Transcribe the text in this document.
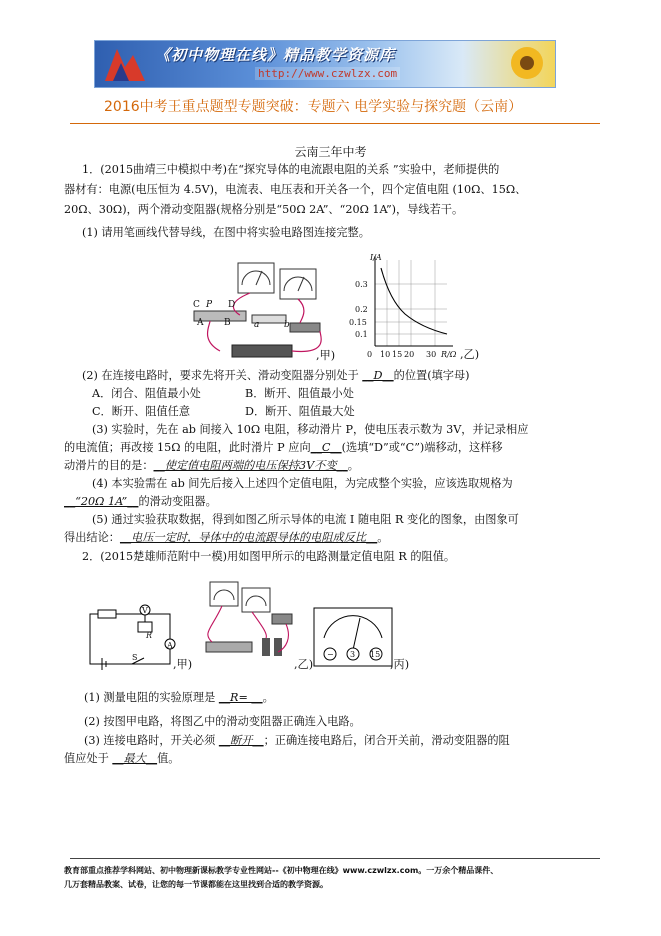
《初中物理在线》精品教学资源库
http://www.czwlzx.com
2016中考王重点题型专题突破：专题六 电学实验与探究题（云南）
云南三年中考
1．(2015曲靖三中模拟中考)在“探究导体的电流跟电阻的关系 ”实验中，老师提供的
器材有：电源(电压恒为 4.5V)，电流表、电压表和开关各一个，四个定值电阻 (10Ω、15Ω、
20Ω、30Ω)，两个滑动变阻器(规格分别是“50Ω 2A”、“20Ω 1A”)，导线若干。
(1) 请用笔画线代替导线，在图中将实验电路图连接完整。
C P D
A B	a	b
,甲)
I/A
0.3
0.2
0.15
0.1
0 10 15 20 30 R/Ω ,乙)
(2) 在连接电路时，要求先将开关、滑动变阻器分别处于 __D__的位置(填字母)
A．闭合、阻值最小处	B．断开、阻值最小处
C．断开、阻值任意	D．断开、阻值最大处
(3) 实验时，先在 ab 间接入 10Ω 电阻，移动滑片 P，使电压表示数为 3V，并记录相应
的电流值；再改接 15Ω 的电阻，此时滑片 P 应向__C__(选填“D”或“C”)端移动，这样移
动滑片的目的是：__使定值电阻两端的电压保持3V不变__。
(4) 本实验需在 ab 间先后接入上述四个定值电阻，为完成整个实验，应该选取规格为
__“20Ω 1A”__的滑动变阻器。
(5) 通过实验获取数据，得到如图乙所示导体的电流 I 随电阻 R 变化的图象，由图象可
得出结论：__电压一定时，导体中的电流跟导体的电阻成反比__。
2．(2015楚雄师范附中一模)用如图甲所示的电路测量定值电阻 R 的阻值。
V
R
A
S
,甲)	,乙)
− 3 15
,丙)
(1) 测量电阻的实验原理是 __R= __。
(2) 按图甲电路，将图乙中的滑动变阻器正确连入电路。
(3) 连接电路时，开关必须 __断开__；正确连接电路后，闭合开关前，滑动变阻器的阻
值应处于 __最大__值。
教育部重点推荐学科网站、初中物理新课标教学专业性网站--《初中物理在线》www.czwlzx.com。一万余个精品课件、
几万套精品教案、试卷，让您的每一节课都能在这里找到合适的教学资源。
